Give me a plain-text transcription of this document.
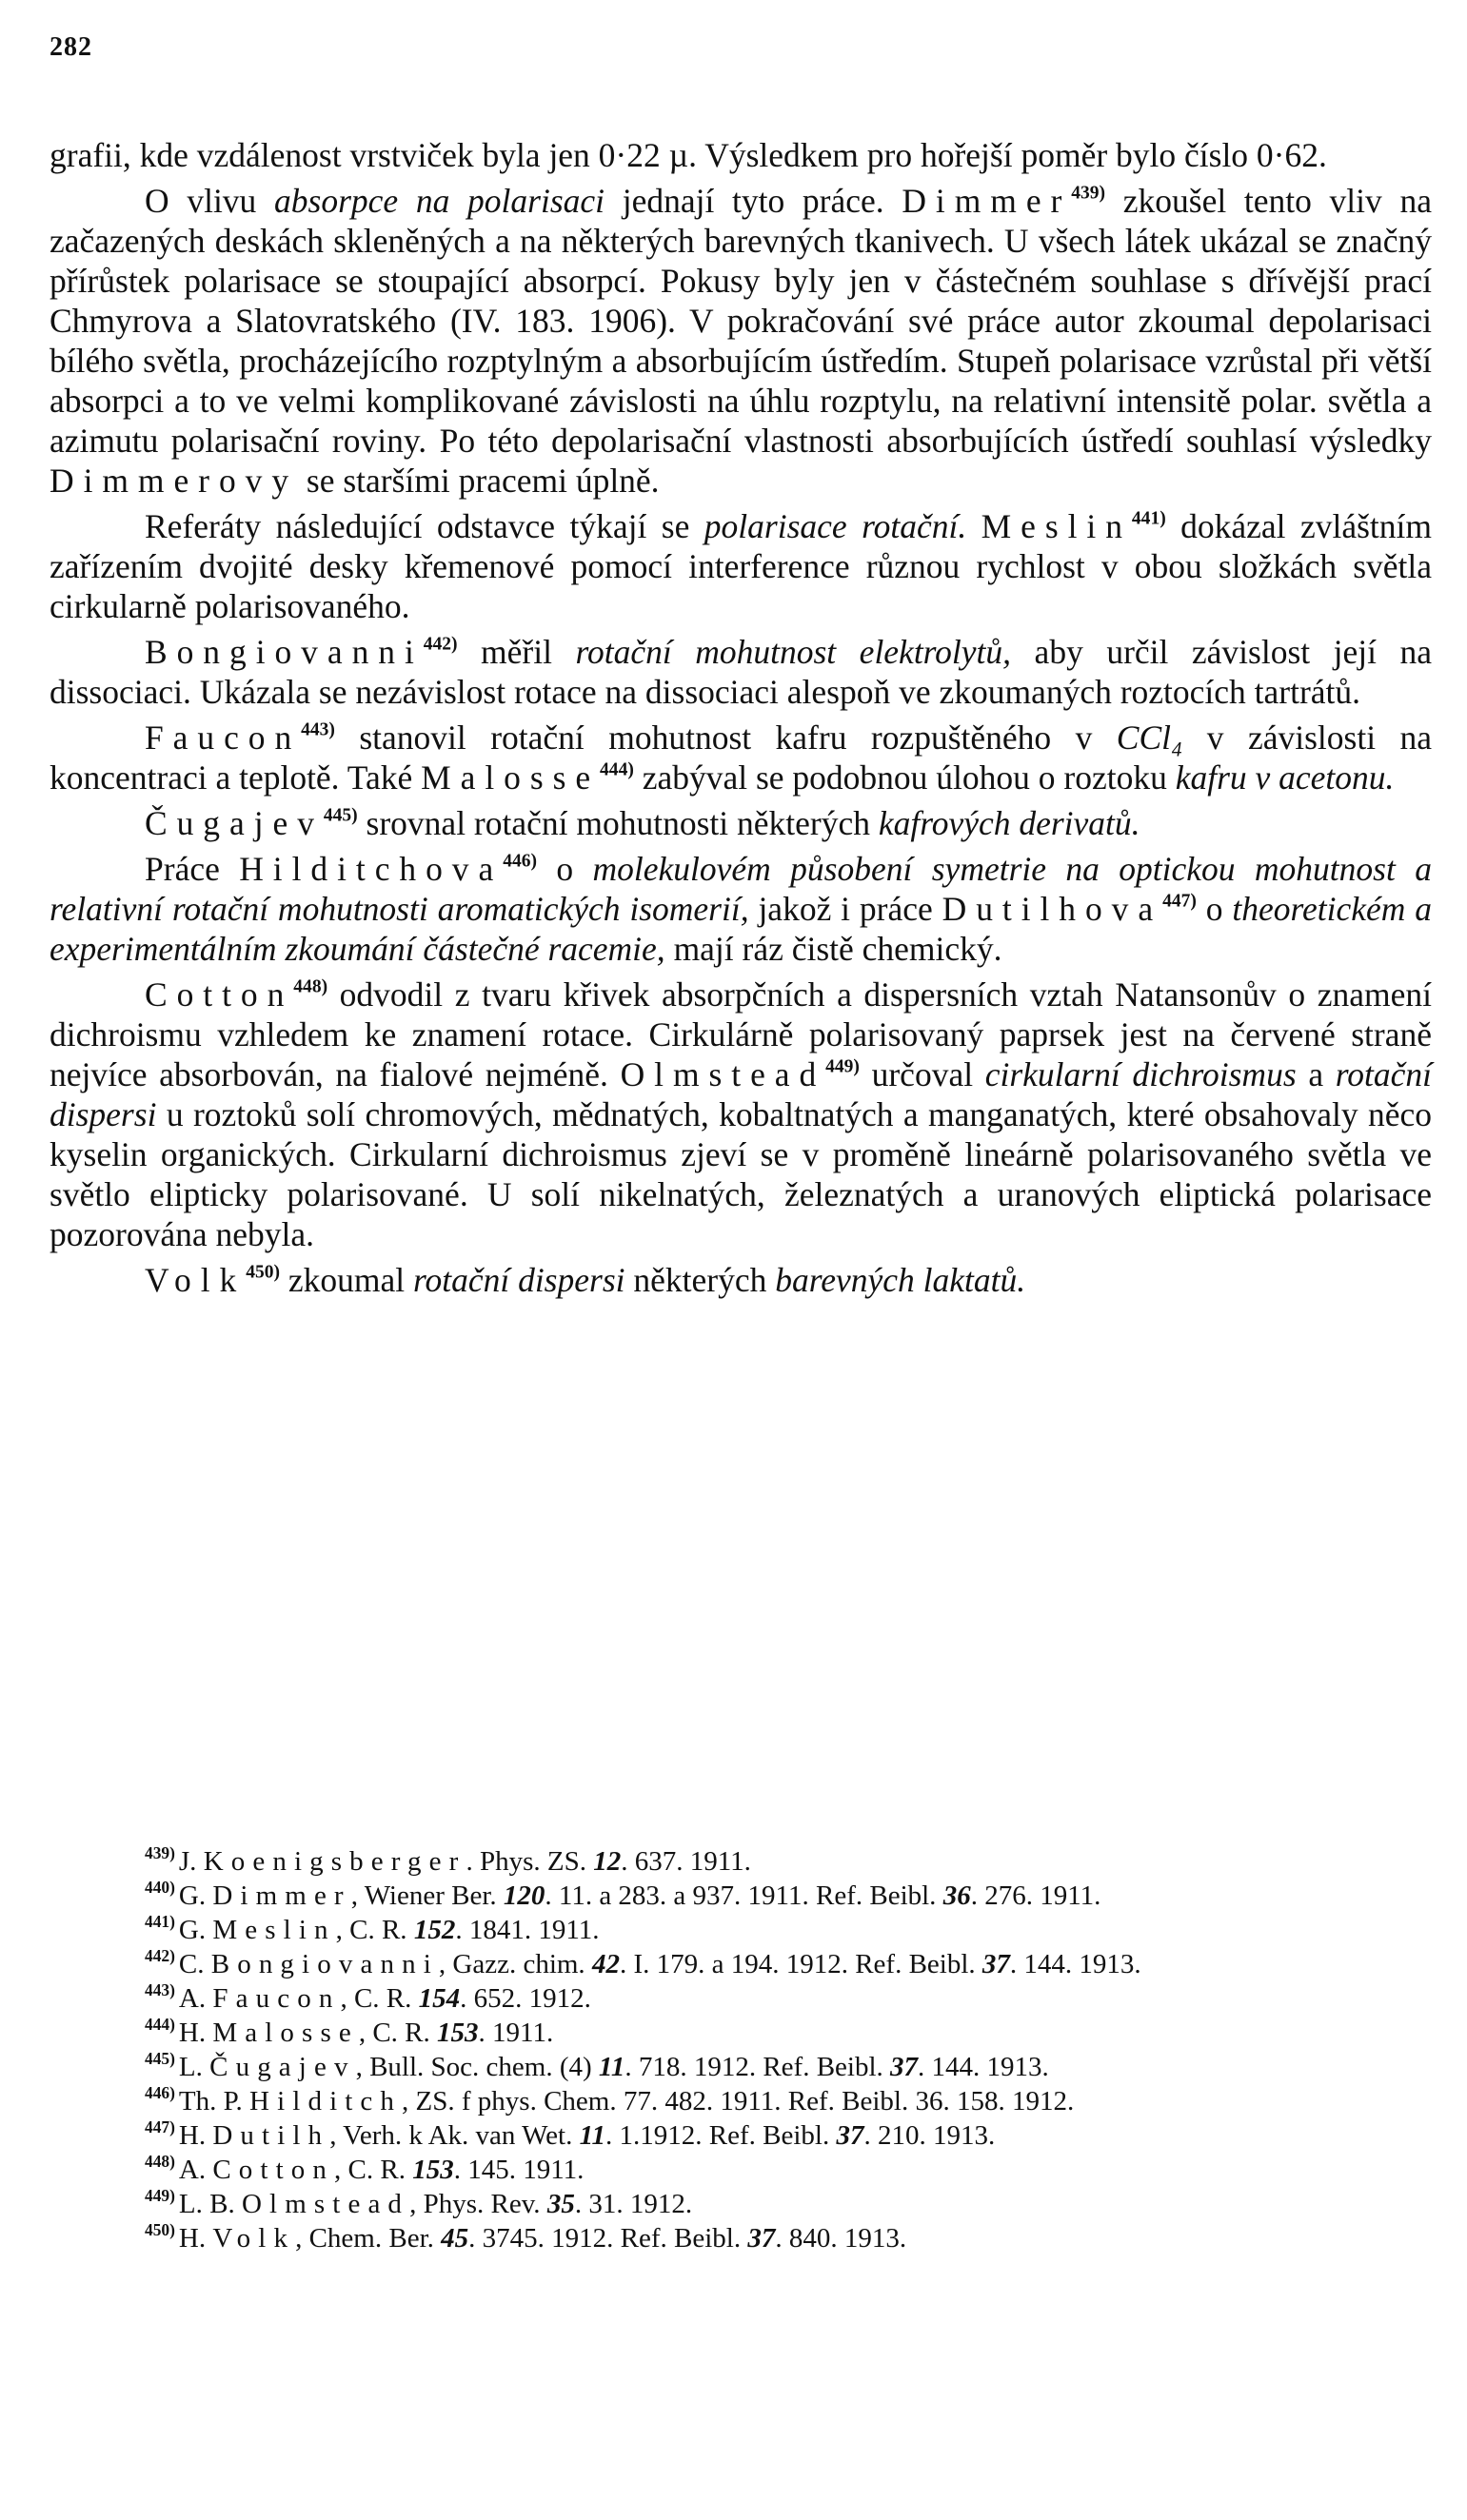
282

grafii, kde vzdálenost vrstviček byla jen 0·22 µ. Výsledkem pro hořejší poměr bylo číslo 0·62.

O vlivu absorpce na polarisaci jednají tyto práce. Dimmer$^{439)}$ zkoušel tento vliv na začazených deskách skleněných a na některých barevných tkanivech. U všech látek ukázal se značný přírůstek polarisace se stoupající absorpcí. Pokusy byly jen v částečném souhlase s dřívější prací Chmyrova a Slatovratského (IV. 183. 1906). V pokračování své práce autor zkoumal depolarisaci bílého světla, procházejícího rozptylným a absorbujícím ústředím. Stupeň polarisace vzrůstal při větší absorpci a to ve velmi komplikované závislosti na úhlu rozptylu, na relativní intensitě polar. světla a azimutu polarisační roviny. Po této depolarisační vlastnosti absorbujících ústředí souhlasí výsledky Dimmerovy se staršími pracemi úplně.

Referáty následující odstavce týkají se polarisace rotační. Meslin$^{441)}$ dokázal zvláštním zařízením dvojité desky křemenové pomocí interference různou rychlost v obou složkách světla cirkularně polarisovaného.

Bongiovanni$^{442)}$ měřil rotační mohutnost elektrolytů, aby určil závislost její na dissociaci. Ukázala se nezávislost rotace na dissociaci alespoň ve zkoumaných roztocích tartrátů.

Faucon$^{443)}$ stanovil rotační mohutnost kafru rozpuštěného v CCl₄ v závislosti na koncentraci a teplotě. Také Malosse$^{444)}$ zabýval se podobnou úlohou o roztoku kafru v acetonu.

Čugajev$^{445)}$ srovnal rotační mohutnosti některých kafrových derivatů.

Práce Hilditchova$^{446)}$ o molekulovém působení symetrie na optickou mohutnost a relativní rotační mohutnosti aromatických isomerií, jakož i práce Dutilhova$^{447)}$ o theoretickém a experimentálním zkoumání částečné racemie, mají ráz čistě chemický.

Cotton$^{448)}$ odvodil z tvaru křivek absorpčních a dispersních vztah Natansonův o znamení dichroismu vzhledem ke znamení rotace. Cirkulárně polarisovaný paprsek jest na červené straně nejvíce absorbován, na fialové nejméně. Olmstead$^{449)}$ určoval cirkularní dichroismus a rotační dispersi u roztoků solí chromových, mědnatých, kobaltnatých a manganatých, které obsahovaly něco kyselin organických. Cirkularní dichroismus zjeví se v proměně lineárně polarisovaného světla ve světlo elipticky polarisované. U solí nikelnatých, železnatých a uranových eliptická polarisace pozorována nebyla.

Volk$^{450)}$ zkoumal rotační dispersi některých barevných laktatů.

$^{439)}$ J. Koenigsberger. Phys. ZS. 12. 637. 1911.

$^{440)}$ G. Dimmer, Wiener Ber. 120. 11. a 283. a 937. 1911. Ref. Beibl. 36. 276. 1911.

$^{441)}$ G. Meslin, C. R. 152. 1841. 1911.

$^{442)}$ C. Bongiovanni, Gazz. chim. 42. I. 179. a 194. 1912. Ref. Beibl. 37. 144. 1913.

$^{443)}$ A. Faucon, C. R. 154. 652. 1912.

$^{444)}$ H. Malosse, C. R. 153. 1911.

$^{445)}$ L. Čugajev, Bull. Soc. chem. (4) 11. 718. 1912. Ref. Beibl. 37. 144. 1913.

$^{446)}$ Th. P. Hilditch, ZS. f phys. Chem. 77. 482. 1911. Ref. Beibl. 36. 158. 1912.

$^{447)}$ H. Dutilh, Verh. k Ak. van Wet. 11. 1.1912. Ref. Beibl. 37. 210. 1913.

$^{448)}$ A. Cotton, C. R. 153. 145. 1911.

$^{449)}$ L. B. Olmstead, Phys. Rev. 35. 31. 1912.

$^{450)}$ H. Volk, Chem. Ber. 45. 3745. 1912. Ref. Beibl. 37. 840. 1913.
